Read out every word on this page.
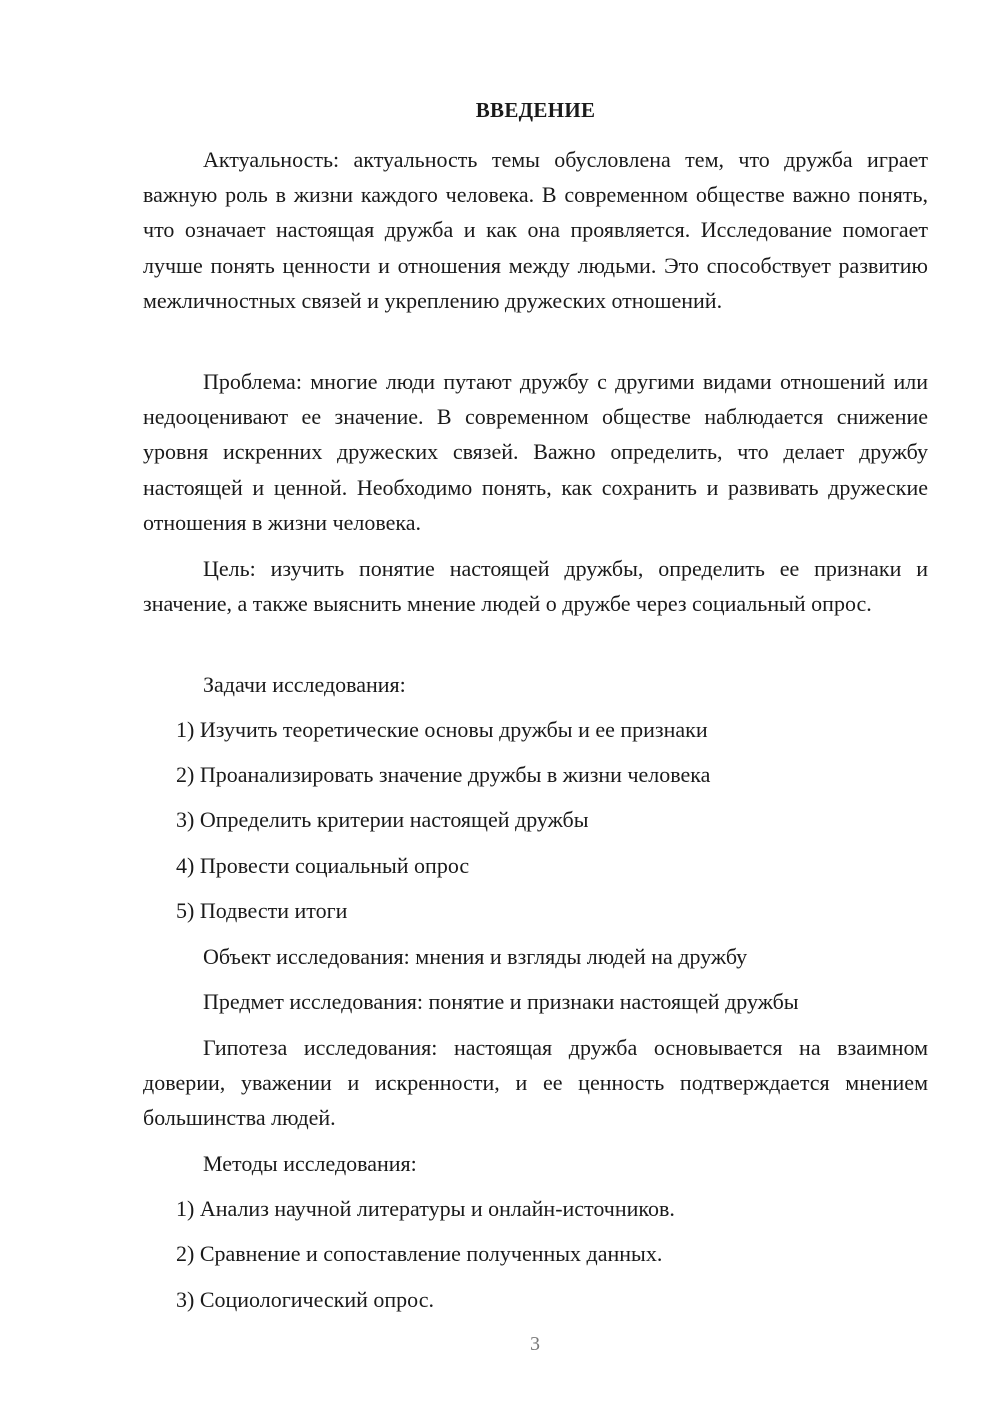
ВВЕДЕНИЕ

Актуальность: актуальность темы обусловлена тем, что дружба играет важную роль в жизни каждого человека. В современном обществе важно понять, что означает настоящая дружба и как она проявляется. Исследование помогает лучше понять ценности и отношения между людьми. Это способствует развитию межличностных связей и укреплению дружеских отношений.

Проблема: многие люди путают дружбу с другими видами отношений или недооценивают ее значение. В современном обществе наблюдается снижение уровня искренних дружеских связей. Важно определить, что делает дружбу настоящей и ценной. Необходимо понять, как сохранить и развивать дружеские отношения в жизни человека.

Цель: изучить понятие настоящей дружбы, определить ее признаки и значение, а также выяснить мнение людей о дружбе через социальный опрос.

Задачи исследования:

1) Изучить теоретические основы дружбы и ее признаки

2) Проанализировать значение дружбы в жизни человека

3) Определить критерии настоящей дружбы

4) Провести социальный опрос

5) Подвести итоги

Объект исследования: мнения и взгляды людей на дружбу

Предмет исследования: понятие и признаки настоящей дружбы

Гипотеза исследования: настоящая дружба основывается на взаимном доверии, уважении и искренности, и ее ценность подтверждается мнением большинства людей.

Методы исследования:

1) Анализ научной литературы и онлайн-источников.

2) Сравнение и сопоставление полученных данных.

3) Социологический опрос.

3
